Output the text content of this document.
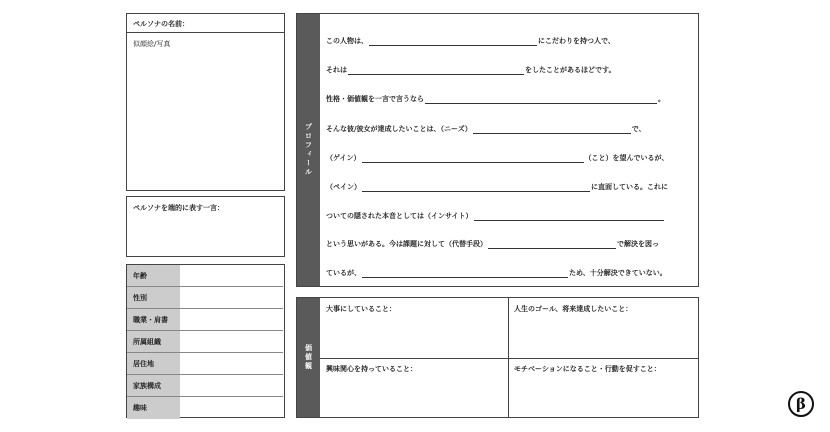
ペルソナの名前：
似顔絵/写真
ペルソナを端的に表す一言：
年齢
性別
職業・肩書
所属組織
居住地
家族構成
趣味
プロフィール
この人物は、	にこだわりを持つ人で、
それは	をしたことがあるほどです。
性格・価値観を一言で言うなら	。
そんな彼/彼女が達成したいことは、（ニーズ）	で、
（ゲイン）	（こと）を望んでいるが、
（ペイン）	に直面している。これに
ついての隠された本音としては（インサイト）
という思いがある。今は課題に対して（代替手段）	で解決を図っ
ているが、	ため、十分解決できていない。
価値観
大事にしていること：	人生のゴール、将来達成したいこと：
興味関心を持っていること：	モチベーションになること・行動を促すこと：
β
